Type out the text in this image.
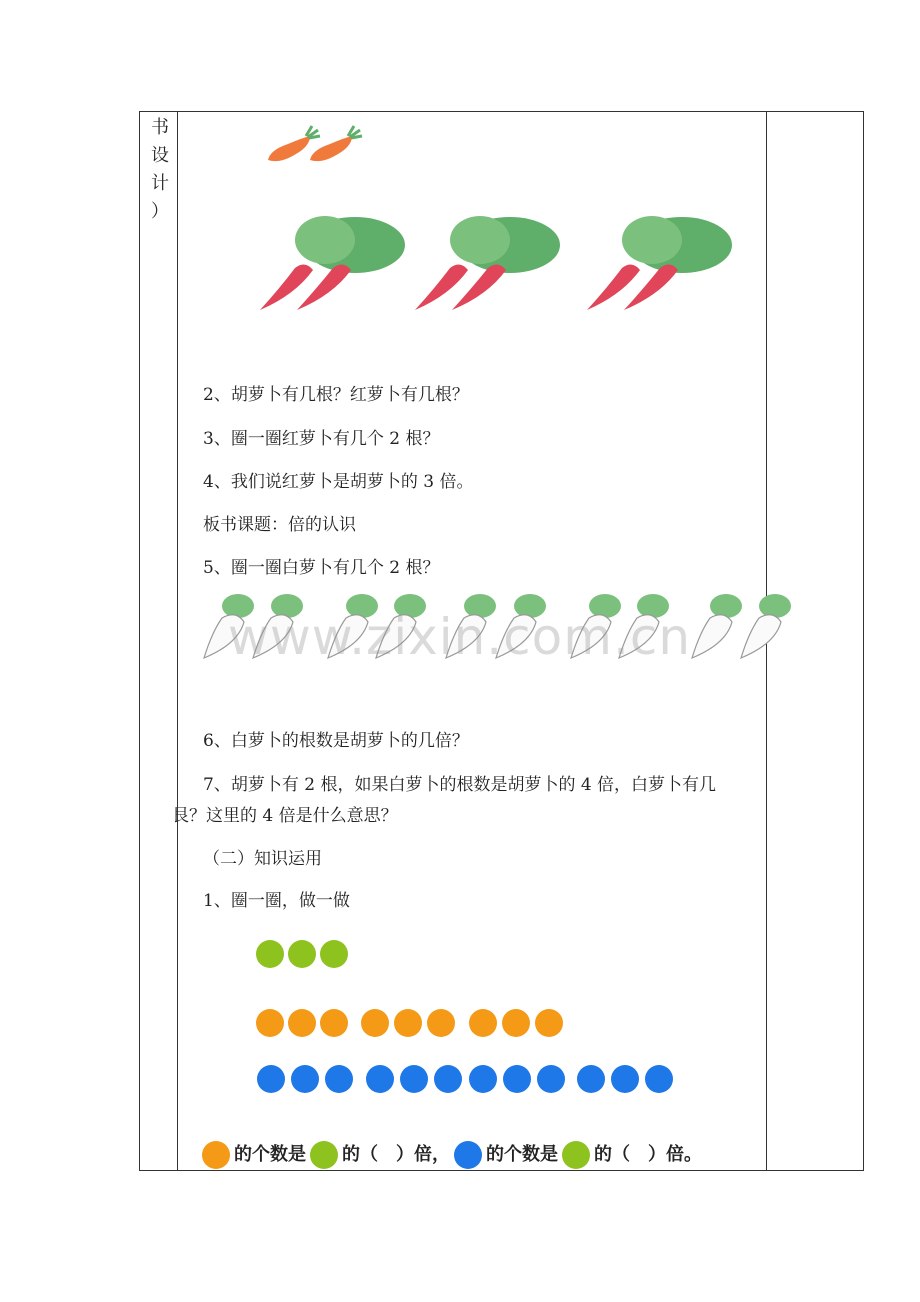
书
设
计
）
2、胡萝卜有几根？红萝卜有几根？
3、圈一圈红萝卜有几个 2 根？
4、我们说红萝卜是胡萝卜的 3 倍。
板书课题：倍的认识
5、圈一圈白萝卜有几个 2 根？
www.zixin.com.cn
6、白萝卜的根数是胡萝卜的几倍？
7、胡萝卜有 2 根，如果白萝卜的根数是胡萝卜的 4 倍，白萝卜有几
艮？这里的 4 倍是什么意思？
（二）知识运用
1、圈一圈，做一做
的个数是 的（　）倍， 的个数是 的（　）倍。
